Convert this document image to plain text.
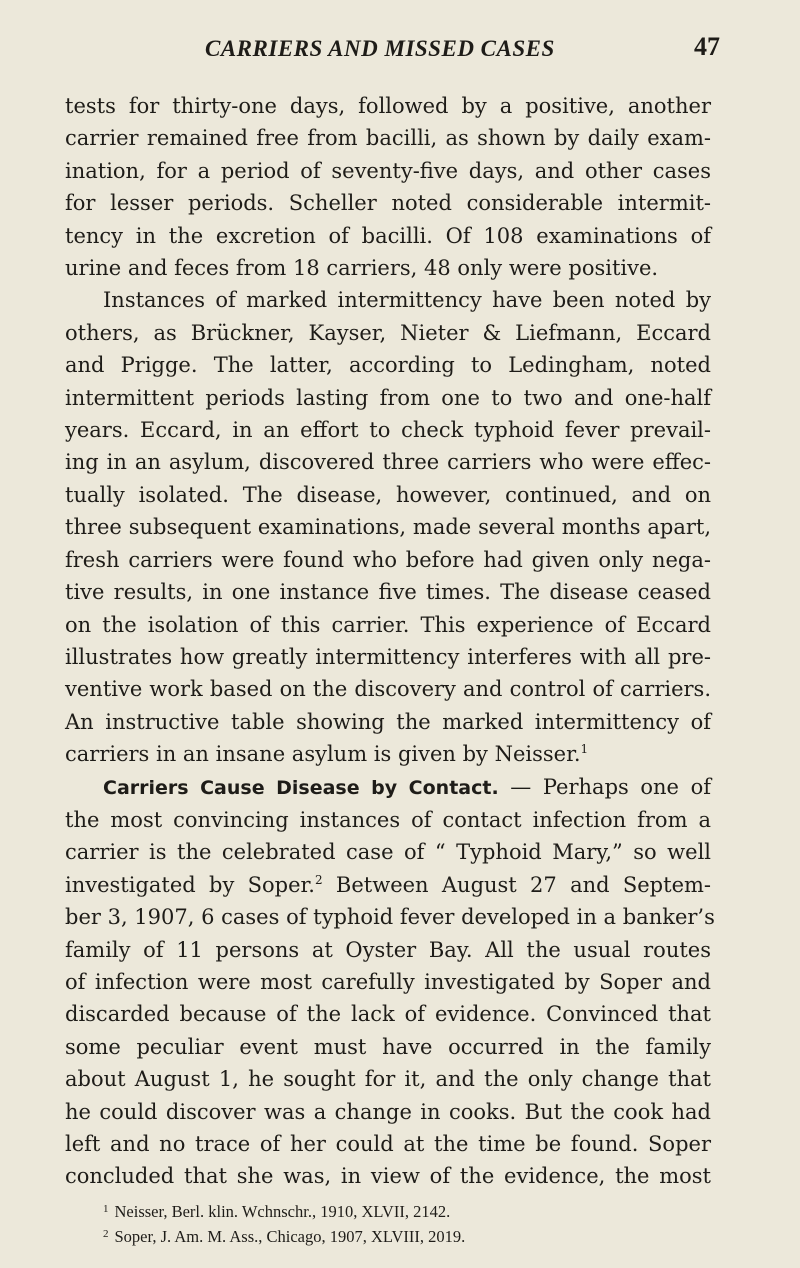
CARRIERS AND MISSED CASES	47
tests for thirty-one days, followed by a positive, another
carrier remained free from bacilli, as shown by daily exam-
ination, for a period of seventy-five days, and other cases
for lesser periods. Scheller noted considerable intermit-
tency in the excretion of bacilli. Of 108 examinations of
urine and feces from 18 carriers, 48 only were positive.
Instances of marked intermittency have been noted by
others, as Brückner, Kayser, Nieter & Liefmann, Eccard
and Prigge. The latter, according to Ledingham, noted
intermittent periods lasting from one to two and one-half
years. Eccard, in an effort to check typhoid fever prevail-
ing in an asylum, discovered three carriers who were effec-
tually isolated. The disease, however, continued, and on
three subsequent examinations, made several months apart,
fresh carriers were found who before had given only nega-
tive results, in one instance five times. The disease ceased
on the isolation of this carrier. This experience of Eccard
illustrates how greatly intermittency interferes with all pre-
ventive work based on the discovery and control of carriers.
An instructive table showing the marked intermittency of
carriers in an insane asylum is given by Neisser.$^1$
Carriers Cause Disease by Contact. — Perhaps one of
the most convincing instances of contact infection from a
carrier is the celebrated case of “ Typhoid Mary,” so well
investigated by Soper.$^2$ Between August 27 and Septem-
ber 3, 1907, 6 cases of typhoid fever developed in a banker’s
family of 11 persons at Oyster Bay. All the usual routes
of infection were most carefully investigated by Soper and
discarded because of the lack of evidence. Convinced that
some peculiar event must have occurred in the family
about August 1, he sought for it, and the only change that
he could discover was a change in cooks. But the cook had
left and no trace of her could at the time be found. Soper
concluded that she was, in view of the evidence, the most
$^1$ Neisser, Berl. klin. Wchnschr., 1910, XLVII, 2142.
$^2$ Soper, J. Am. M. Ass., Chicago, 1907, XLVIII, 2019.
